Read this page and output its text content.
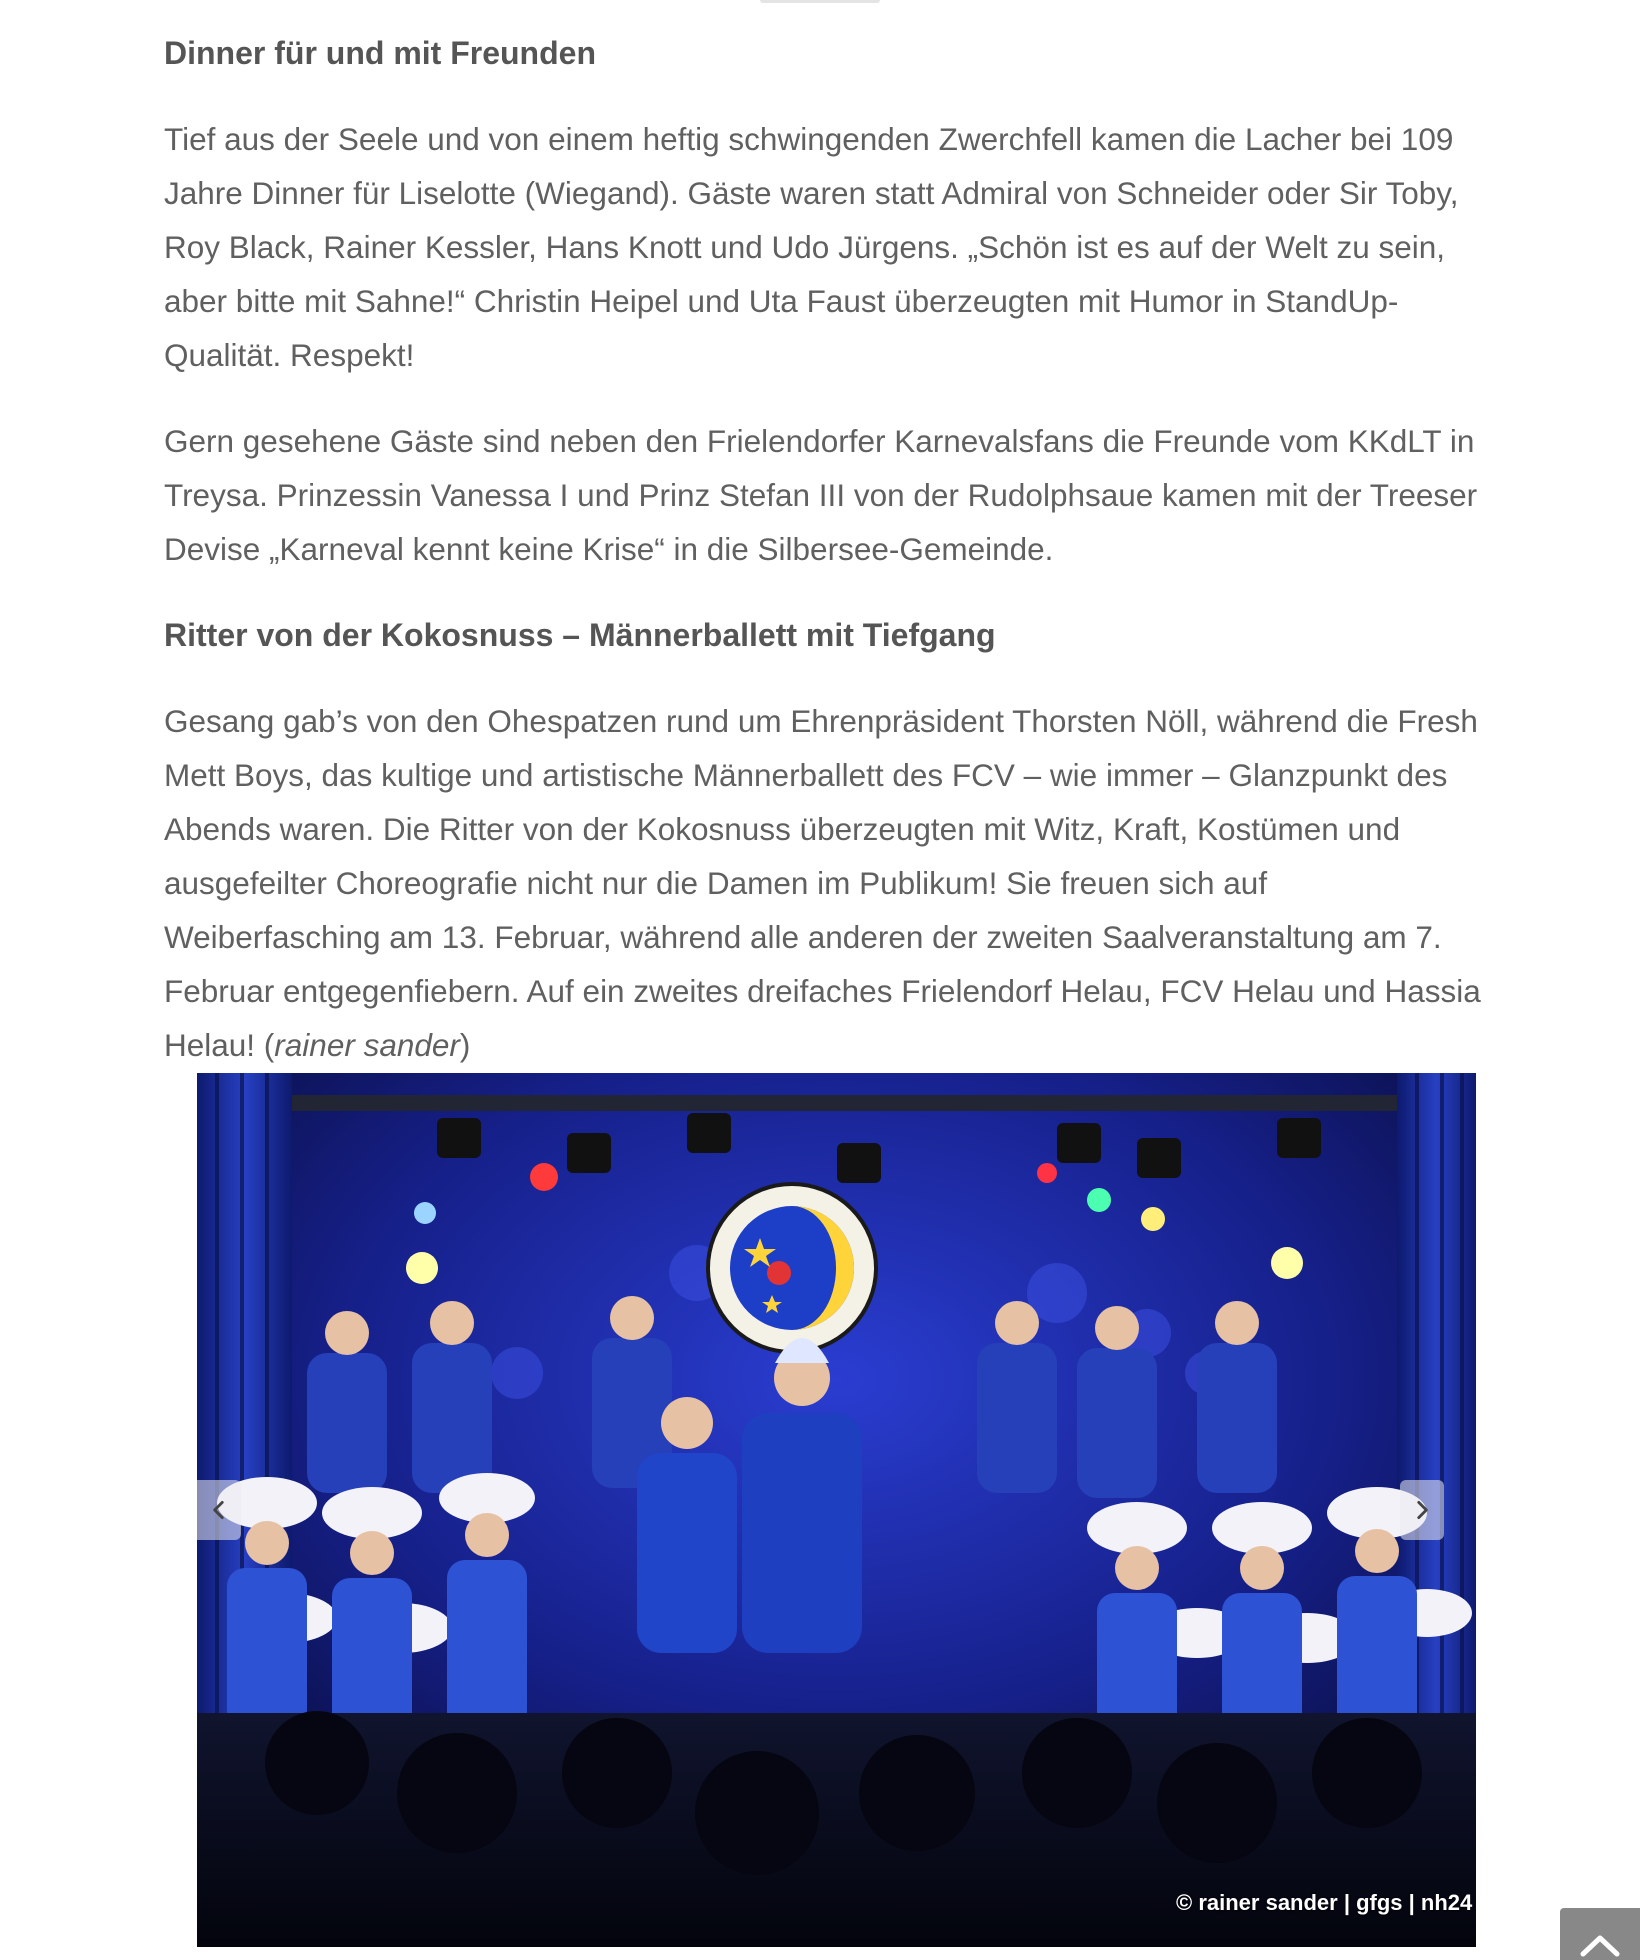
Dinner für und mit Freunden

Tief aus der Seele und von einem heftig schwingenden Zwerchfell kamen die Lacher bei 109 Jahre Dinner für Liselotte (Wiegand). Gäste waren statt Admiral von Schneider oder Sir Toby, Roy Black, Rainer Kessler, Hans Knott und Udo Jürgens. „Schön ist es auf der Welt zu sein, aber bitte mit Sahne!“ Christin Heipel und Uta Faust überzeugten mit Humor in StandUp-Qualität. Respekt!

Gern gesehene Gäste sind neben den Frielendorfer Karnevalsfans die Freunde vom KKdLT in Treysa. Prinzessin Vanessa I und Prinz Stefan III von der Rudolphsaue kamen mit der Treeser Devise „Karneval kennt keine Krise“ in die Silbersee-Gemeinde.

Ritter von der Kokosnuss – Männerballett mit Tiefgang

Gesang gab’s von den Ohespatzen rund um Ehrenpräsident Thorsten Nöll, während die Fresh Mett Boys, das kultige und artistische Männerballett des FCV – wie immer – Glanzpunkt des Abends waren. Die Ritter von der Kokosnuss überzeugten mit Witz, Kraft, Kostümen und ausgefeilter Choreografie nicht nur die Damen im Publikum! Sie freuen sich auf Weiberfasching am 13. Februar, während alle anderen der zweiten Saalveranstaltung am 7. Februar entgegenfiebern. Auf ein zweites dreifaches Frielendorf Helau, FCV Helau und Hassia Helau! (rainer sander)

© rainer sander | gfgs | nh24
